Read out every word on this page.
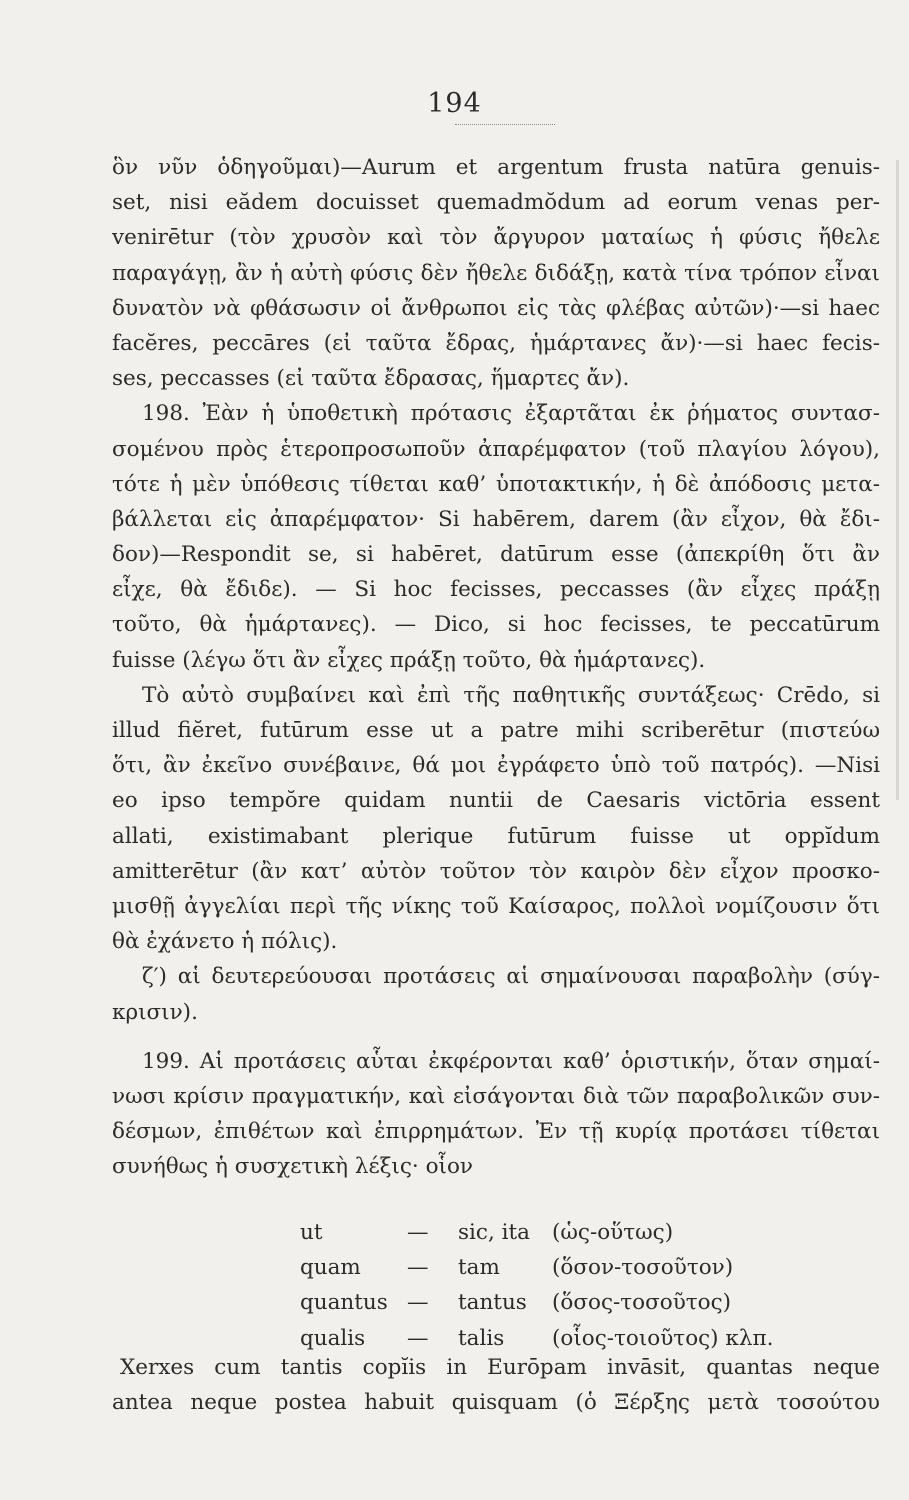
194
ὃν νῦν ὁδηγοῦμαι)—Aurum et argentum frusta natūra genuis-
set, nisi eădem docuisset quemadmŏdum ad eorum venas per-
venirētur (τὸν χρυσὸν καὶ τὸν ἄργυρον ματαίως ἡ φύσις ἤθελε
παραγάγῃ, ἂν ἡ αὐτὴ φύσις δὲν ἤθελε διδάξῃ, κατὰ τίνα τρόπον εἶναι
δυνατὸν νὰ φθάσωσιν οἱ ἄνθρωποι εἰς τὰς φλέβας αὐτῶν)·—si haec
facĕres, peccāres (εἰ ταῦτα ἔδρας, ἡμάρτανες ἄν)·—si haec fecis-
ses, peccasses (εἰ ταῦτα ἔδρασας, ἥμαρτες ἄν).
198. Ἐὰν ἡ ὑποθετικὴ πρότασις ἐξαρτᾶται ἐκ ῥήματος συντασ-
σομένου πρὸς ἑτεροπροσωποῦν ἀπαρέμφατον (τοῦ πλαγίου λόγου),
τότε ἡ μὲν ὑπόθεσις τίθεται καθ’ ὑποτακτικήν, ἡ δὲ ἀπόδοσις μετα-
βάλλεται εἰς ἀπαρέμφατον· Si habērem, darem (ἂν εἶχον, θὰ ἔδι-
δον)—Respondit se, si habēret, datūrum esse (ἀπεκρίθη ὅτι ἂν
εἶχε, θὰ ἔδιδε). — Si hoc fecisses, peccasses (ἂν εἶχες πράξῃ
τοῦτο, θὰ ἡμάρτανες). — Dico, si hoc fecisses, te peccatūrum
fuisse (λέγω ὅτι ἂν εἶχες πράξῃ τοῦτο, θὰ ἡμάρτανες).
Τὸ αὐτὸ συμβαίνει καὶ ἐπὶ τῆς παθητικῆς συντάξεως· Crēdo, si
illud fiĕret, futūrum esse ut a patre mihi scriberētur (πιστεύω
ὅτι, ἂν ἐκεῖνο συνέβαινε, θά μοι ἐγράφετο ὑπὸ τοῦ πατρός). —Nisi
eo ipso tempŏre quidam nuntii de Caesaris victōria essent
allati, existimabant plerique futūrum fuisse ut oppĭdum
amitterētur (ἂν κατ’ αὐτὸν τοῦτον τὸν καιρὸν δὲν εἶχον προσκο-
μισθῇ ἀγγελίαι περὶ τῆς νίκης τοῦ Καίσαρος, πολλοὶ νομίζουσιν ὅτι
θὰ ἐχάνετο ἡ πόλις).
ζ′) αἱ δευτερεύουσαι προτάσεις αἱ σημαίνουσαι παραβολὴν (σύγ-
κρισιν).
199. Αἱ προτάσεις αὗται ἐκφέρονται καθ’ ὁριστικήν, ὅταν σημαί-
νωσι κρίσιν πραγματικήν, καὶ εἰσάγονται διὰ τῶν παραβολικῶν συν-
δέσμων, ἐπιθέτων καὶ ἐπιρρημάτων. Ἐν τῇ κυρίᾳ προτάσει τίθεται
συνήθως ἡ συσχετικὴ λέξις· οἷον
ut	— sic, ita (ὡς-οὕτως)
quam — tam (ὅσον-τοσοῦτον)
quantus — tantus (ὅσος-τοσοῦτος)
qualis — talis (οἷος-τοιοῦτος) κλπ.
Xerxes cum tantis copĭis in Eurōpam invāsit, quantas neque
antea neque postea habuit quisquam (ὁ Ξέρξης μετὰ τοσούτου
